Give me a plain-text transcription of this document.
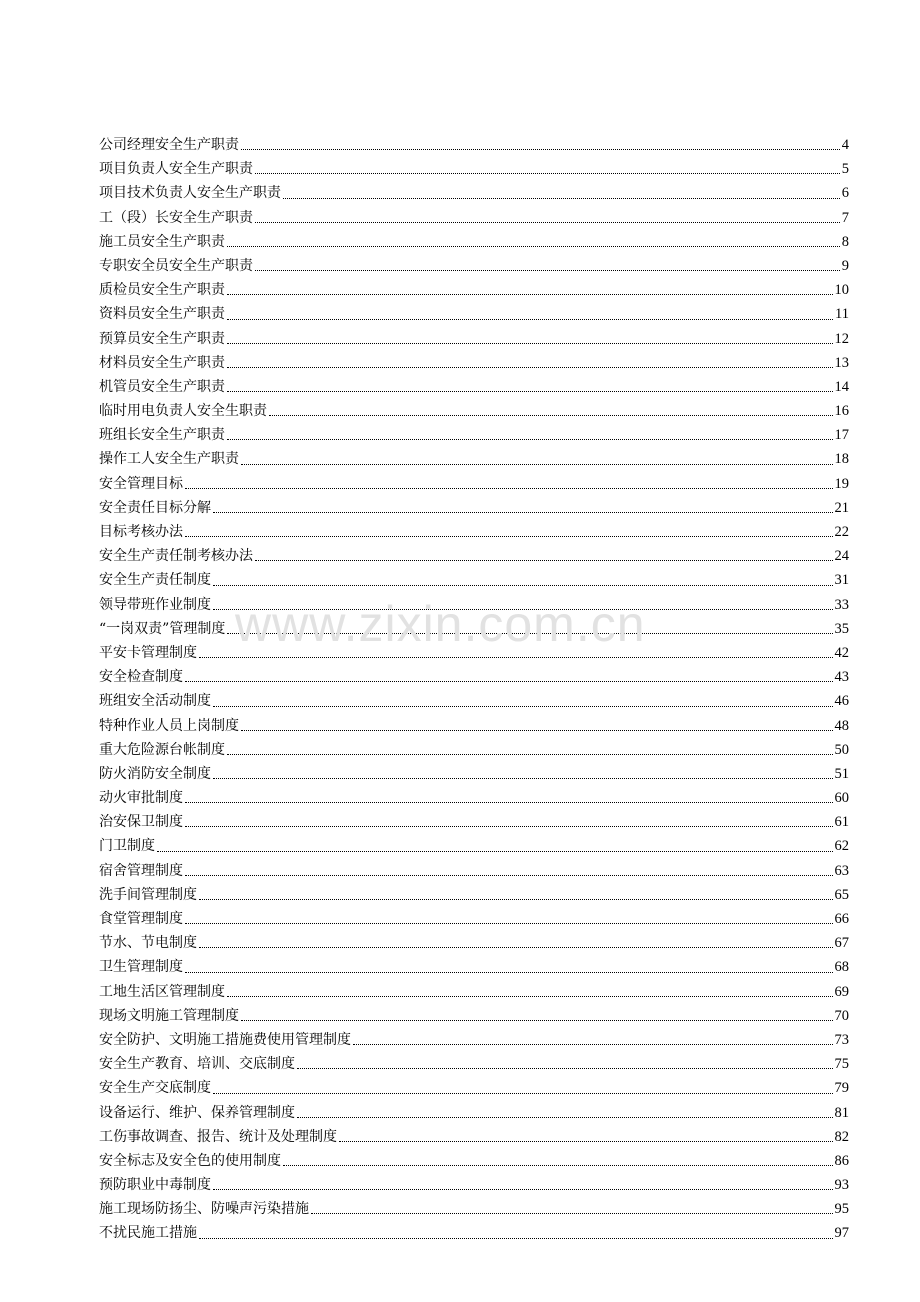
公司经理安全生产职责	4
项目负责人安全生产职责	5
项目技术负责人安全生产职责	6
工（段）长安全生产职责	7
施工员安全生产职责	8
专职安全员安全生产职责	9
质检员安全生产职责	10
资料员安全生产职责	11
预算员安全生产职责	12
材料员安全生产职责	13
机管员安全生产职责	14
临时用电负责人安全生职责	16
班组长安全生产职责	17
操作工人安全生产职责	18
安全管理目标	19
安全责任目标分解	21
目标考核办法	22
安全生产责任制考核办法	24
安全生产责任制度	31
领导带班作业制度	33
“一岗双责”管理制度	35
平安卡管理制度	42
安全检查制度	43
班组安全活动制度	46
特种作业人员上岗制度	48
重大危险源台帐制度	50
防火消防安全制度	51
动火审批制度	60
治安保卫制度	61
门卫制度	62
宿舍管理制度	63
洗手间管理制度	65
食堂管理制度	66
节水、节电制度	67
卫生管理制度	68
工地生活区管理制度	69
现场文明施工管理制度	70
安全防护、文明施工措施费使用管理制度	73
安全生产教育、培训、交底制度	75
安全生产交底制度	79
设备运行、维护、保养管理制度	81
工伤事故调查、报告、统计及处理制度	82
安全标志及安全色的使用制度	86
预防职业中毒制度	93
施工现场防扬尘、防噪声污染措施	95
不扰民施工措施	97
www.zixin.com.cn
